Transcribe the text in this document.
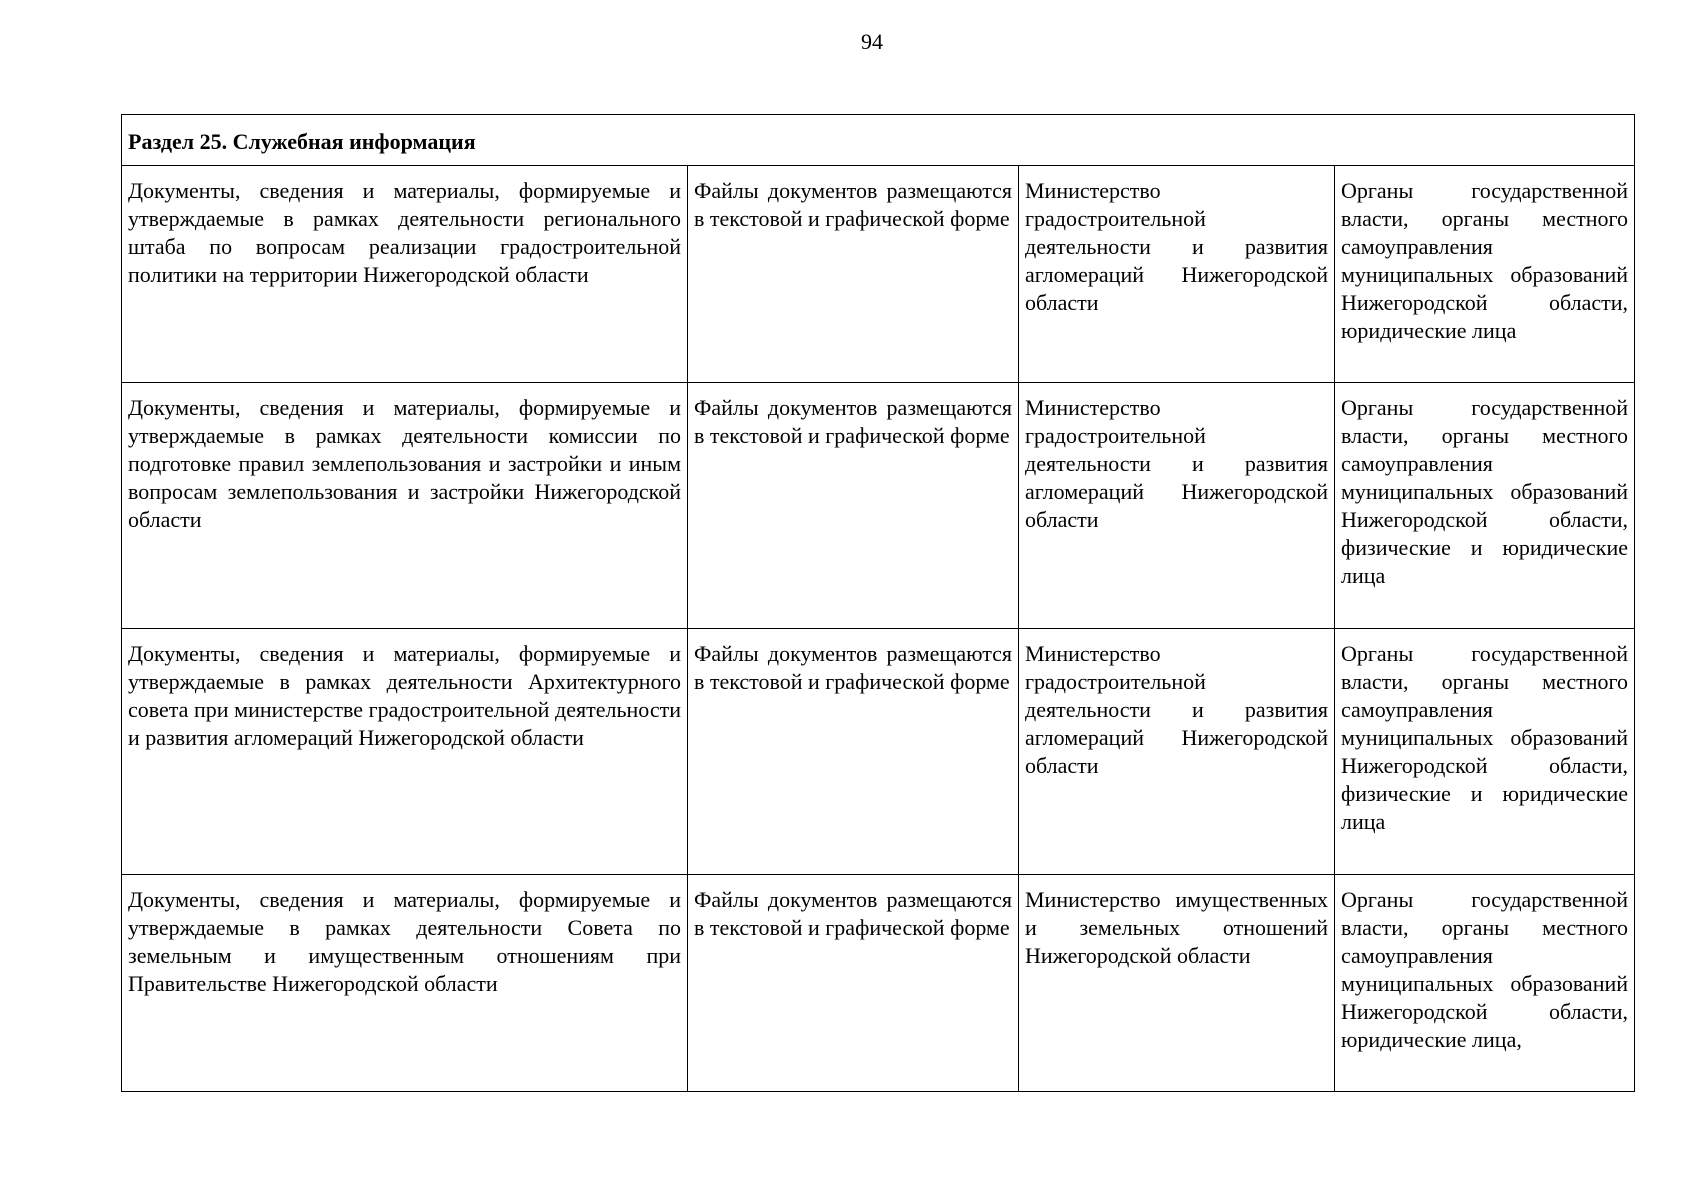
94
Раздел 25. Служебная информация			

Документы, сведения и материалы, формируемые и утверждаемые в рамках деятельности регионального штаба по вопросам реализации градостроительной политики на территории Нижегородской области	Файлы документов размещаются в текстовой и графической форме	Министерство градостроительной деятельности и развития агломераций Нижегородской области	Органы государственной власти, органы местного самоуправления муниципальных образований Нижегородской области, юридические лица

Документы, сведения и материалы, формируемые и утверждаемые в рамках деятельности комиссии по подготовке правил землепользования и застройки и иным вопросам землепользования и застройки Нижегородской области	Файлы документов размещаются в текстовой и графической форме	Министерство градостроительной деятельности и развития агломераций Нижегородской области	Органы государственной власти, органы местного самоуправления муниципальных образований Нижегородской области, физические и юридические лица

Документы, сведения и материалы, формируемые и утверждаемые в рамках деятельности Архитектурного совета при министерстве градостроительной деятельности и развития агломераций Нижегородской области	Файлы документов размещаются в текстовой и графической форме	Министерство градостроительной деятельности и развития агломераций Нижегородской области	Органы государственной власти, органы местного самоуправления муниципальных образований Нижегородской области, физические и юридические лица

Документы, сведения и материалы, формируемые и утверждаемые в рамках деятельности Совета по земельным и имущественным отношениям при Правительстве Нижегородской области	Файлы документов размещаются в текстовой и графической форме	Министерство имущественных и земельных отношений Нижегородской области	Органы государственной власти, органы местного самоуправления муниципальных образований Нижегородской области, юридические лица,
